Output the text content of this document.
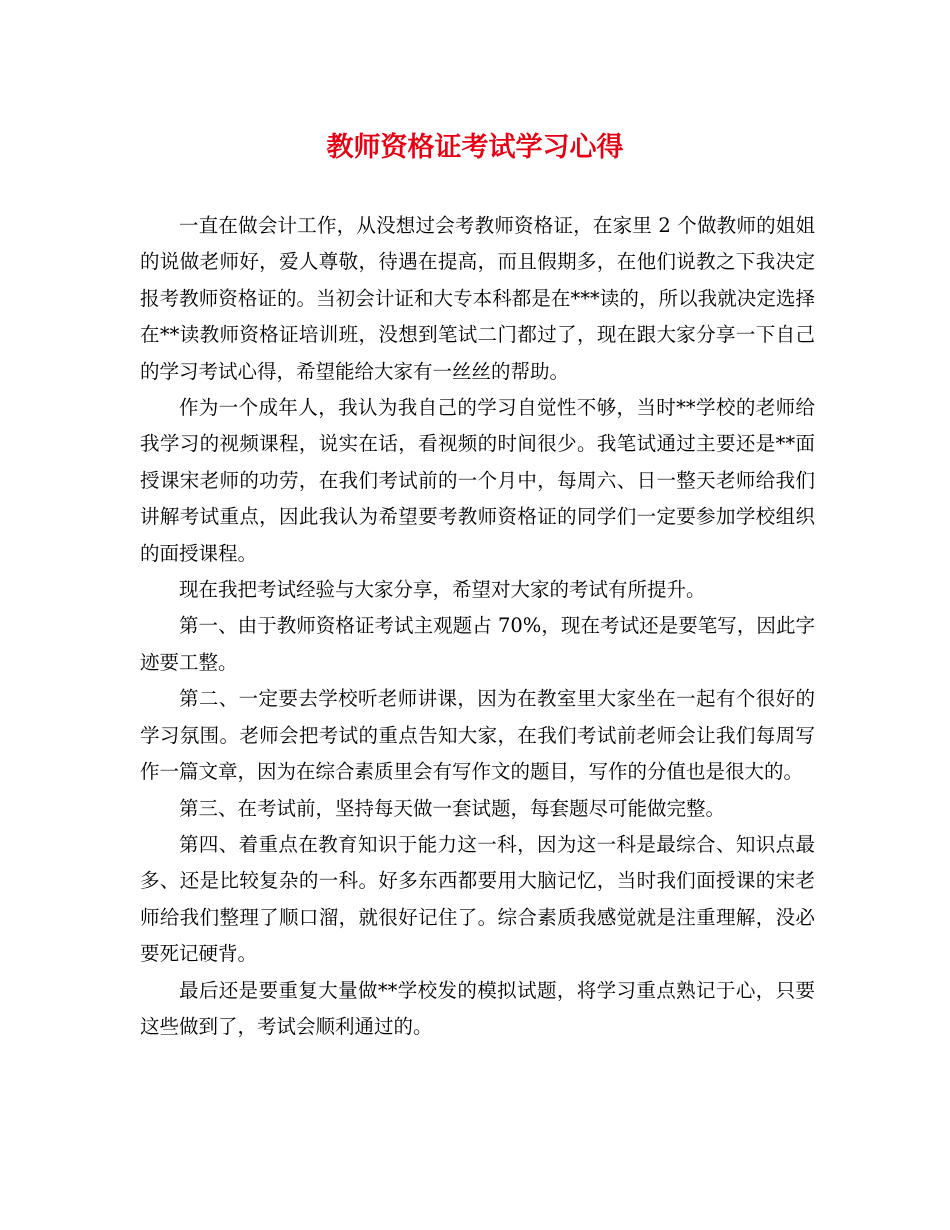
教师资格证考试学习心得

一直在做会计工作，从没想过会考教师资格证，在家里 2 个做教师的姐姐的说做老师好，爱人尊敬，待遇在提高，而且假期多，在他们说教之下我决定报考教师资格证的。当初会计证和大专本科都是在***读的，所以我就决定选择在**读教师资格证培训班，没想到笔试二门都过了，现在跟大家分享一下自己的学习考试心得，希望能给大家有一丝丝的帮助。

作为一个成年人，我认为我自己的学习自觉性不够，当时**学校的老师给我学习的视频课程，说实在话，看视频的时间很少。我笔试通过主要还是**面授课宋老师的功劳，在我们考试前的一个月中，每周六、日一整天老师给我们讲解考试重点，因此我认为希望要考教师资格证的同学们一定要参加学校组织的面授课程。

现在我把考试经验与大家分享，希望对大家的考试有所提升。

第一、由于教师资格证考试主观题占 70%，现在考试还是要笔写，因此字迹要工整。

第二、一定要去学校听老师讲课，因为在教室里大家坐在一起有个很好的学习氛围。老师会把考试的重点告知大家，在我们考试前老师会让我们每周写作一篇文章，因为在综合素质里会有写作文的题目，写作的分值也是很大的。

第三、在考试前，坚持每天做一套试题，每套题尽可能做完整。

第四、着重点在教育知识于能力这一科，因为这一科是最综合、知识点最多、还是比较复杂的一科。好多东西都要用大脑记忆，当时我们面授课的宋老师给我们整理了顺口溜，就很好记住了。综合素质我感觉就是注重理解，没必要死记硬背。

最后还是要重复大量做**学校发的模拟试题，将学习重点熟记于心，只要这些做到了，考试会顺利通过的。
